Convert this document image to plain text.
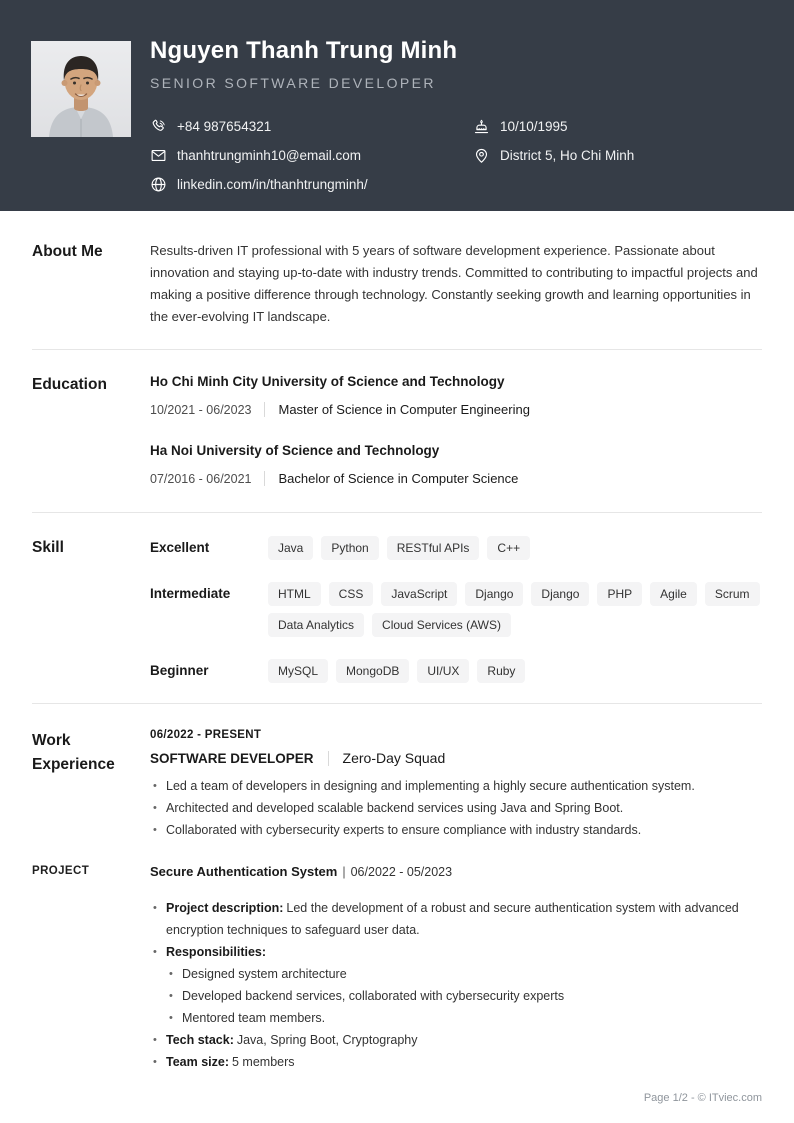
Nguyen Thanh Trung Minh
SENIOR SOFTWARE DEVELOPER
+84 987654321
thanhtrungminh10@email.com
linkedin.com/in/thanhtrungminh/
10/10/1995
District 5, Ho Chi Minh
About Me	Results-driven IT professional with 5 years of software development experience. Passionate about innovation and staying up-to-date with industry trends. Committed to contributing to impactful projects and making a positive difference through technology. Constantly seeking growth and learning opportunities in the ever-evolving IT landscape.

Education	Ho Chi Minh City University of Science and Technology
10/2021 - 06/2023 Master of Science in Computer Engineering
Ha Noi University of Science and Technology
07/2016 - 06/2021 Bachelor of Science in Computer Science
Skill	Excellent	Java	Python	RESTful APIs	C++
Intermediate	HTML	CSS	JavaScript	Django	Django	PHP	Agile	Scrum
Data Analytics	Cloud Services (AWS)
Beginner	MySQL	MongoDB	UI/UX	Ruby
Work
Experience
06/2022 - PRESENT
SOFTWARE DEVELOPER Zero-Day Squad
• Led a team of developers in designing and implementing a highly secure authentication system.
• Architected and developed scalable backend services using Java and Spring Boot.
• Collaborated with cybersecurity experts to ensure compliance with industry standards.
PROJECT	Secure Authentication System | 06/2022 - 05/2023
• Project description: Led the development of a robust and secure authentication system with advanced encryption techniques to safeguard user data.
• Responsibilities:
• Designed system architecture
• Developed backend services, collaborated with cybersecurity experts
• Mentored team members.
• Tech stack: Java, Spring Boot, Cryptography
• Team size: 5 members
Page 1/2 - © ITviec.com
